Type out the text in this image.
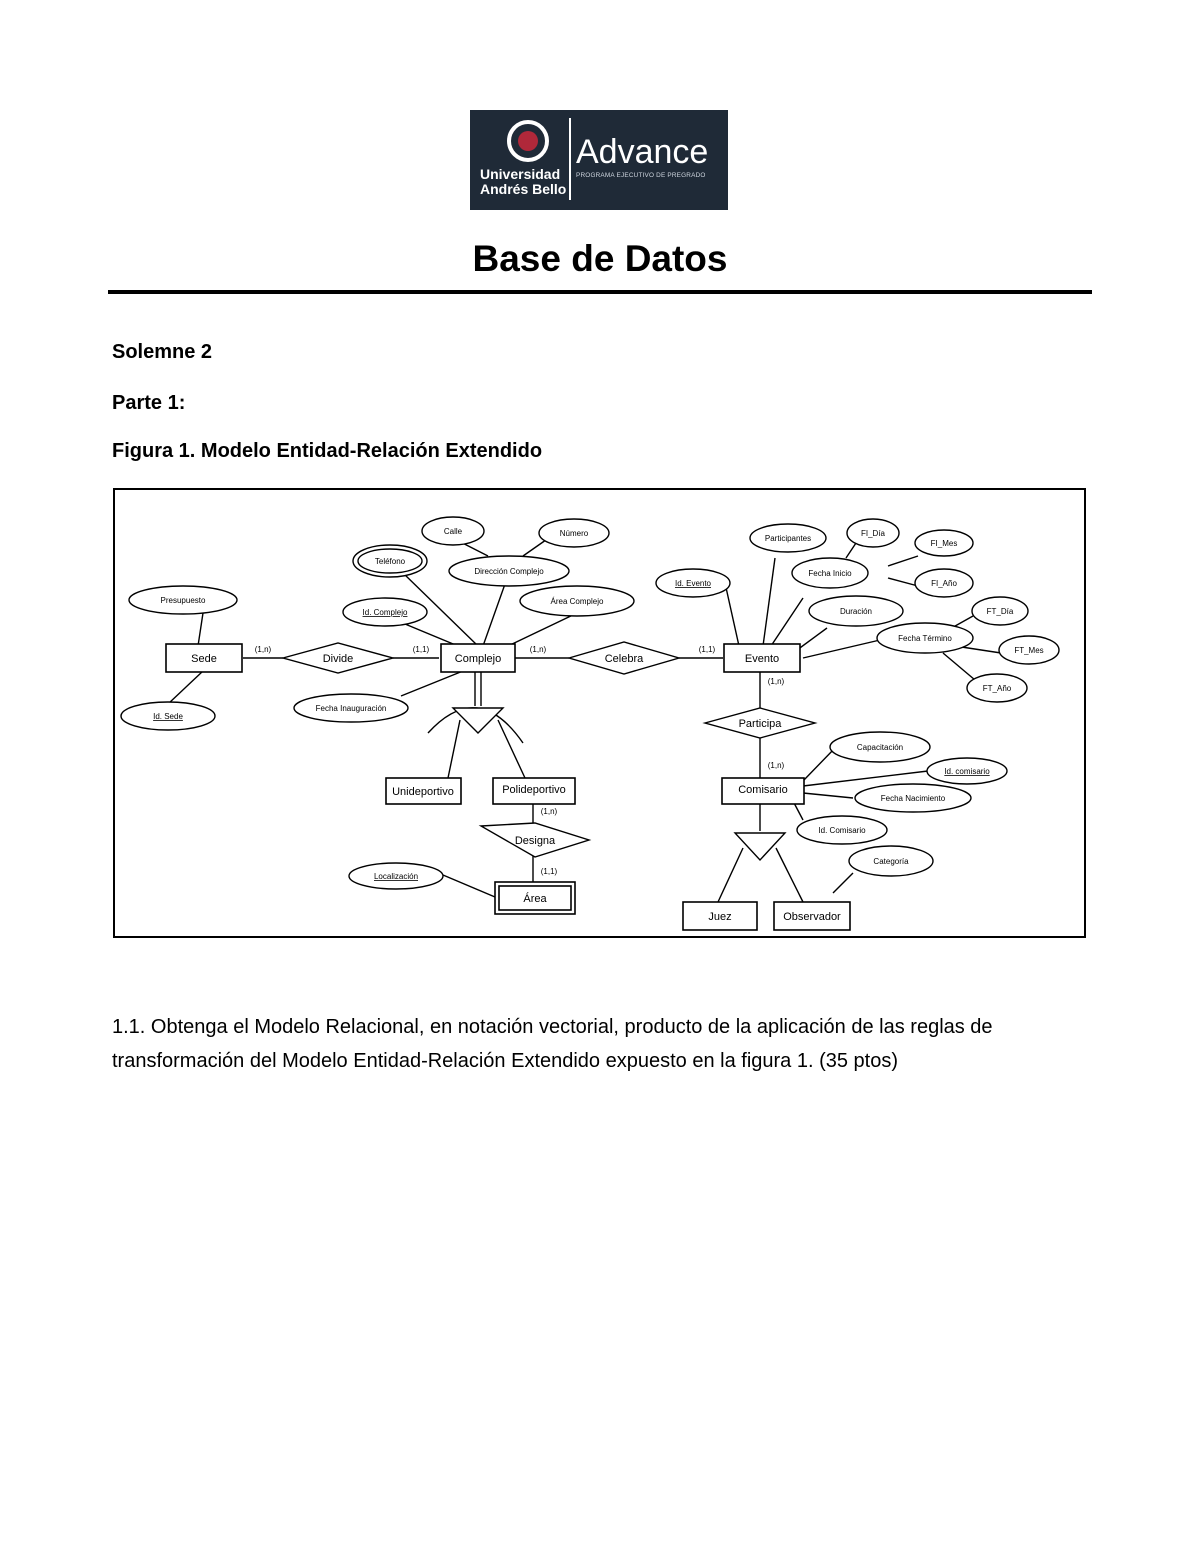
Universidad
Andrés Bello
Advance
PROGRAMA EJECUTIVO DE PREGRADO
Base de Datos
Solemne 2
Parte 1:
Figura 1. Modelo Entidad-Relación Extendido
Sede	Complejo	Evento
Unideportivo	Polideportivo
Área
Comisario
Juez	Observador
Divide	Celebra
Designa
Participa
Presupuesto
Id. Sede
Teléfono
Calle	Número
Dirección Complejo
Id. Complejo
Área Complejo
Fecha Inauguración
Localización
Participantes
Id. Evento
FI_Día
Fecha Inicio
FI_Mes
FI_Año
Duración
Fecha Término
FT_Día
FT_Mes
FT_Año
Capacitación
Id. comisario
Fecha Nacimiento
Id. Comisario
Categoría
(1,n)	(1,1)	(1,n)	(1,1)
(1,n)
(1,n)
(1,n)
(1,1)
1.1. Obtenga el Modelo Relacional, en notación vectorial, producto de la aplicación de las reglas de transformación del Modelo Entidad-Relación Extendido expuesto en la figura 1. (35 ptos)
